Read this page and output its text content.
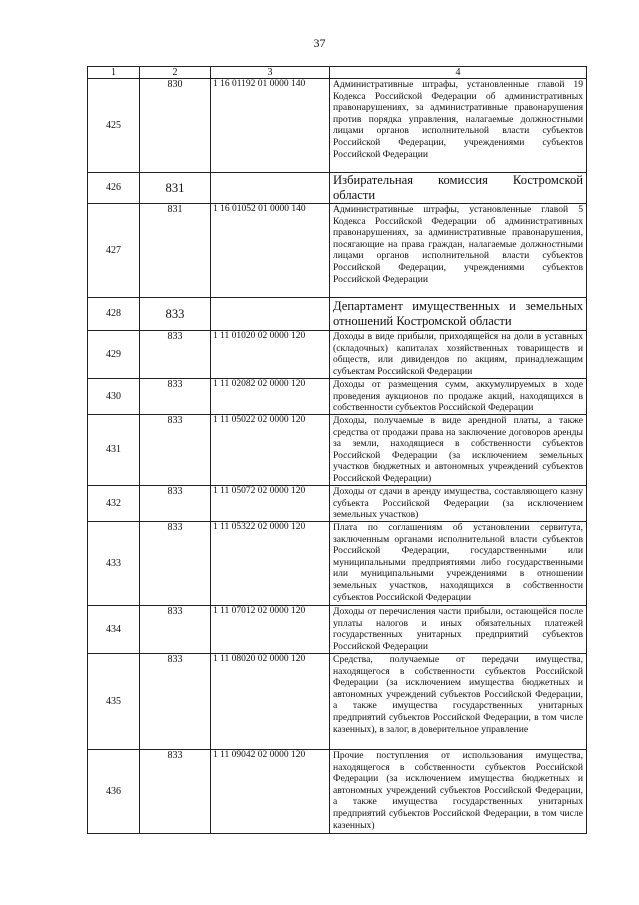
37
1	2	3	4
425	830	1 16 01192 01 0000 140	Административные штрафы, установленные главой 19 Кодекса Российской Федерации об административных правонарушениях, за административные правонарушения против порядка управления, налагаемые должностными лицами органов исполнительной власти субъектов Российской Федерации, учреждениями субъектов Российской Федерации
426	831		Избирательная комиссия Костромской области
427	831	1 16 01052 01 0000 140	Административные штрафы, установленные главой 5 Кодекса Российской Федерации об административных правонарушениях, за административные правонарушения, посягающие на права граждан, налагаемые должностными лицами органов исполнительной власти субъектов Российской Федерации, учреждениями субъектов Российской Федерации
428	833		Департамент имущественных и земельных отношений Костромской области
429	833	1 11 01020 02 0000 120	Доходы в виде прибыли, приходящейся на доли в уставных (складочных) капиталах хозяйственных товариществ и обществ, или дивидендов по акциям, принадлежащим субъектам Российской Федерации
430	833	1 11 02082 02 0000 120	Доходы от размещения сумм, аккумулируемых в ходе проведения аукционов по продаже акций, находящихся в собственности субъектов Российской Федерации
431	833	1 11 05022 02 0000 120	Доходы, получаемые в виде арендной платы, а также средства от продажи права на заключение договоров аренды за земли, находящиеся в собственности субъектов Российской Федерации (за исключением земельных участков бюджетных и автономных учреждений субъектов Российской Федерации)
432	833	1 11 05072 02 0000 120	Доходы от сдачи в аренду имущества, составляющего казну субъекта Российской Федерации (за исключением земельных участков)
433	833	1 11 05322 02 0000 120	Плата по соглашениям об установлении сервитута, заключенным органами исполнительной власти субъектов Российской Федерации, государственными или муниципальными предприятиями либо государственными или муниципальными учреждениями в отношении земельных участков, находящихся в собственности субъектов Российской Федерации
434	833	1 11 07012 02 0000 120	Доходы от перечисления части прибыли, остающейся после уплаты налогов и иных обязательных платежей государственных унитарных предприятий субъектов Российской Федерации
435	833	1 11 08020 02 0000 120	Средства, получаемые от передачи имущества, находящегося в собственности субъектов Российской Федерации (за исключением имущества бюджетных и автономных учреждений субъектов Российской Федерации, а также имущества государственных унитарных предприятий субъектов Российской Федерации, в том числе казенных), в залог, в доверительное управление
436	833	1 11 09042 02 0000 120	Прочие поступления от использования имущества, находящегося в собственности субъектов Российской Федерации (за исключением имущества бюджетных и автономных учреждений субъектов Российской Федерации, а также имущества государственных унитарных предприятий субъектов Российской Федерации, в том числе казенных)
